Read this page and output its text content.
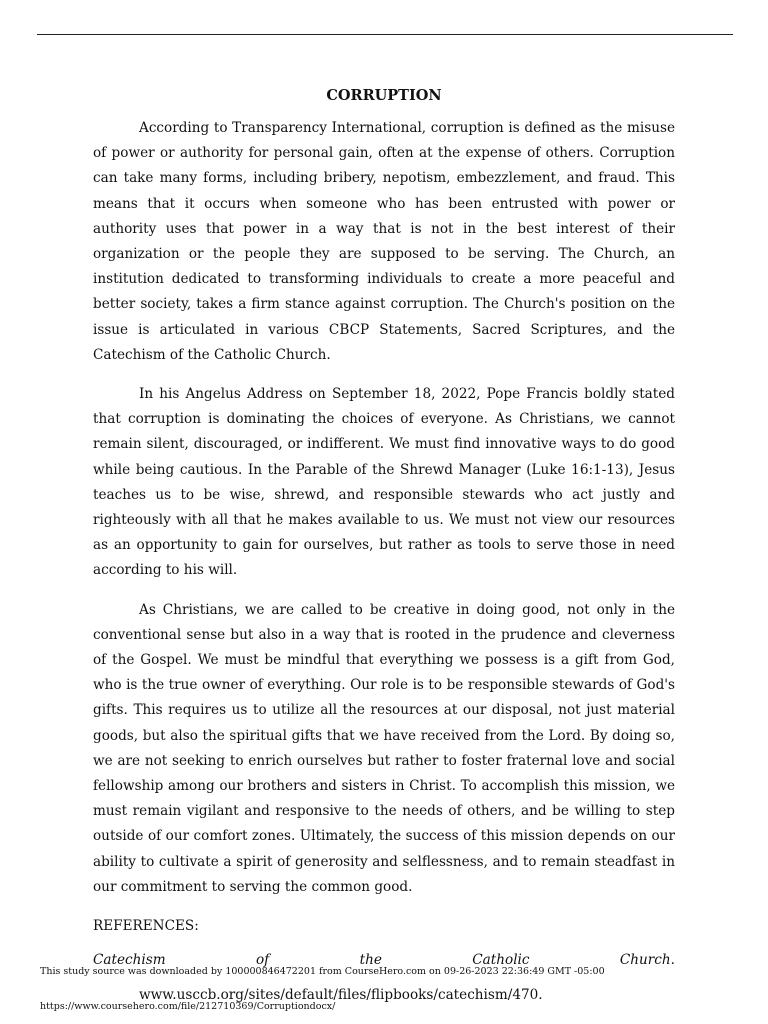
CORRUPTION

According to Transparency International, corruption is defined as the misuse of power or authority for personal gain, often at the expense of others. Corruption can take many forms, including bribery, nepotism, embezzlement, and fraud. This means that it occurs when someone who has been entrusted with power or authority uses that power in a way that is not in the best interest of their organization or the people they are supposed to be serving. The Church, an institution dedicated to transforming individuals to create a more peaceful and better society, takes a firm stance against corruption. The Church's position on the issue is articulated in various CBCP Statements, Sacred Scriptures, and the Catechism of the Catholic Church.

In his Angelus Address on September 18, 2022, Pope Francis boldly stated that corruption is dominating the choices of everyone. As Christians, we cannot remain silent, discouraged, or indifferent. We must find innovative ways to do good while being cautious. In the Parable of the Shrewd Manager (Luke 16:1-13), Jesus teaches us to be wise, shrewd, and responsible stewards who act justly and righteously with all that he makes available to us. We must not view our resources as an opportunity to gain for ourselves, but rather as tools to serve those in need according to his will.

As Christians, we are called to be creative in doing good, not only in the conventional sense but also in a way that is rooted in the prudence and cleverness of the Gospel. We must be mindful that everything we possess is a gift from God, who is the true owner of everything. Our role is to be responsible stewards of God's gifts. This requires us to utilize all the resources at our disposal, not just material goods, but also the spiritual gifts that we have received from the Lord. By doing so, we are not seeking to enrich ourselves but rather to foster fraternal love and social fellowship among our brothers and sisters in Christ. To accomplish this mission, we must remain vigilant and responsive to the needs of others, and be willing to step outside of our comfort zones. Ultimately, the success of this mission depends on our ability to cultivate a spirit of generosity and selflessness, and to remain steadfast in our commitment to serving the common good.

REFERENCES:
Catechism of the Catholic Church.
www.usccb.org/sites/default/files/flipbooks/catechism/470.
This study source was downloaded by 100000846472201 from CourseHero.com on 09-26-2023 22:36:49 GMT -05:00
https://www.coursehero.com/file/212710369/Corruptiondocx/
